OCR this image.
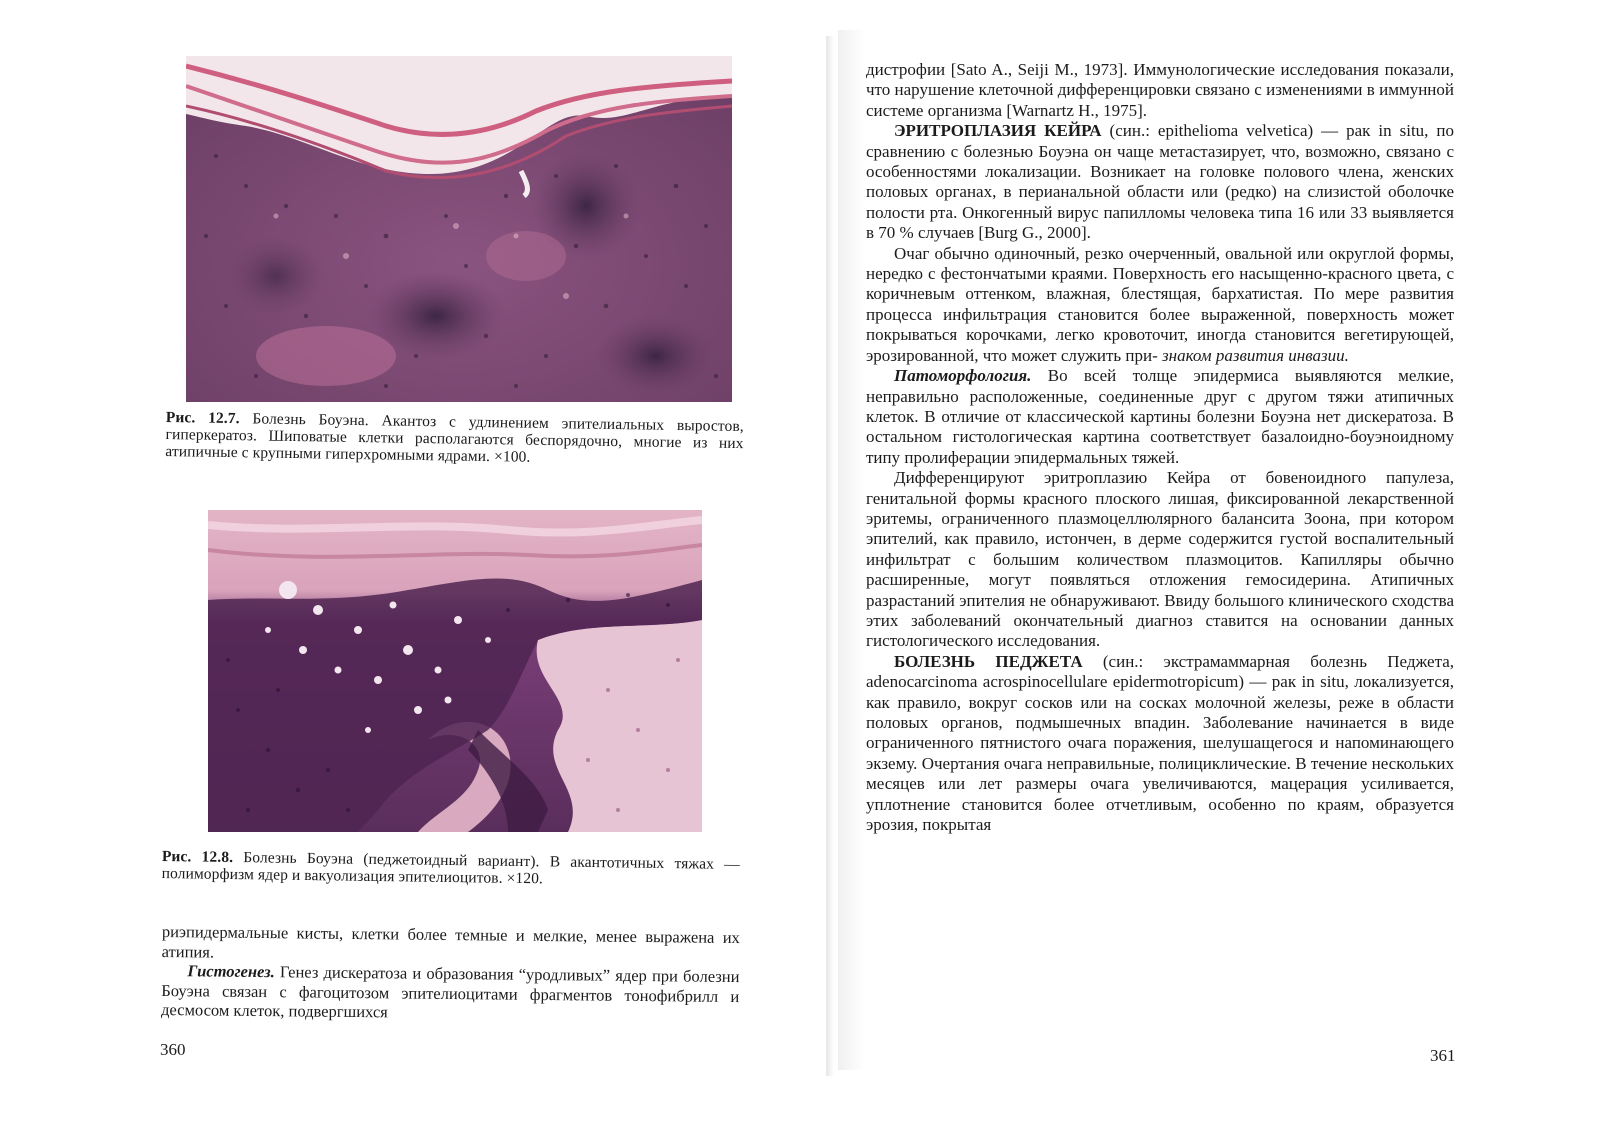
Рис. 12.7. Болезнь Боуэна. Акантоз с удлинением эпителиальных выростов, гиперкератоз. Шиповатые клетки располагаются беспорядочно, многие из них атипичные с крупными гиперхромными ядрами. ×100.
Рис. 12.8. Болезнь Боуэна (педжетоидный вариант). В акантотичных тяжах — полиморфизм ядер и вакуолизация эпителиоцитов. ×120.

риэпидермальные кисты, клетки более темные и мелкие, менее выражена их атипия.

Гистогенез. Генез дискератоза и образования “уродливых” ядер при болезни Боуэна связан с фагоцитозом эпителиоцитами фрагментов тонофибрилл и десмосом клеток, подвергшихся

360

дистрофии [Sato A., Seiji M., 1973]. Иммунологические исследования показали, что нарушение клеточной дифференцировки связано с изменениями в иммунной системе организма [Warnartz H., 1975].

ЭРИТРОПЛАЗИЯ КЕЙРА (син.: epithelioma velvetica) — рак in situ, по сравнению с болезнью Боуэна он чаще метастазирует, что, возможно, связано с особенностями локализации. Возникает на головке полового члена, женских половых органах, в перианальной области или (редко) на слизистой оболочке полости рта. Онкогенный вирус папилломы человека типа 16 или 33 выявляется в 70 % случаев [Burg G., 2000].

Очаг обычно одиночный, резко очерченный, овальной или округлой формы, нередко с фестончатыми краями. Поверхность его насыщенно-красного цвета, с коричневым оттенком, влажная, блестящая, бархатистая. По мере развития процесса инфильтрация становится более выраженной, поверхность может покрываться корочками, легко кровоточит, иногда становится вегетирующей, эрозированной, что может служить при- знаком развития инвазии.

Патоморфология. Во всей толще эпидермиса выявляются мелкие, неправильно расположенные, соединенные друг с другом тяжи атипичных клеток. В отличие от классической картины болезни Боуэна нет дискератоза. В остальном гистологическая картина соответствует базалоидно-боуэноидному типу пролиферации эпидермальных тяжей.

Дифференцируют эритроплазию Кейра от бовеноидного папулеза, генитальной формы красного плоского лишая, фиксированной лекарственной эритемы, ограниченного плазмоцеллюлярного баланcита Зоона, при котором эпителий, как правило, истончен, в дерме содержится густой воспалительный инфильтрат с большим количеством плазмоцитов. Капилляры обычно расширенные, могут появляться отложения гемосидерина. Атипичных разрастаний эпителия не обнаруживают. Ввиду большого клинического сходства этих заболеваний окончательный диагноз ставится на основании данных гистологического исследования.

БОЛЕЗНЬ ПЕДЖЕТА (син.: экстрамаммарная болезнь Педжета, adenocarcinoma acrospinocellulare epidermotropicum) — рак in situ, локализуется, как правило, вокруг сосков или на сосках молочной железы, реже в области половых органов, подмышечных впадин. Заболевание начинается в виде ограниченного пятнистого очага поражения, шелушащегося и напоминающего экзему. Очертания очага неправильные, полициклические. В течение нескольких месяцев или лет размеры очага увеличиваются, мацерация усиливается, уплотнение становится более отчетливым, особенно по краям, образуется эрозия, покрытая

361
